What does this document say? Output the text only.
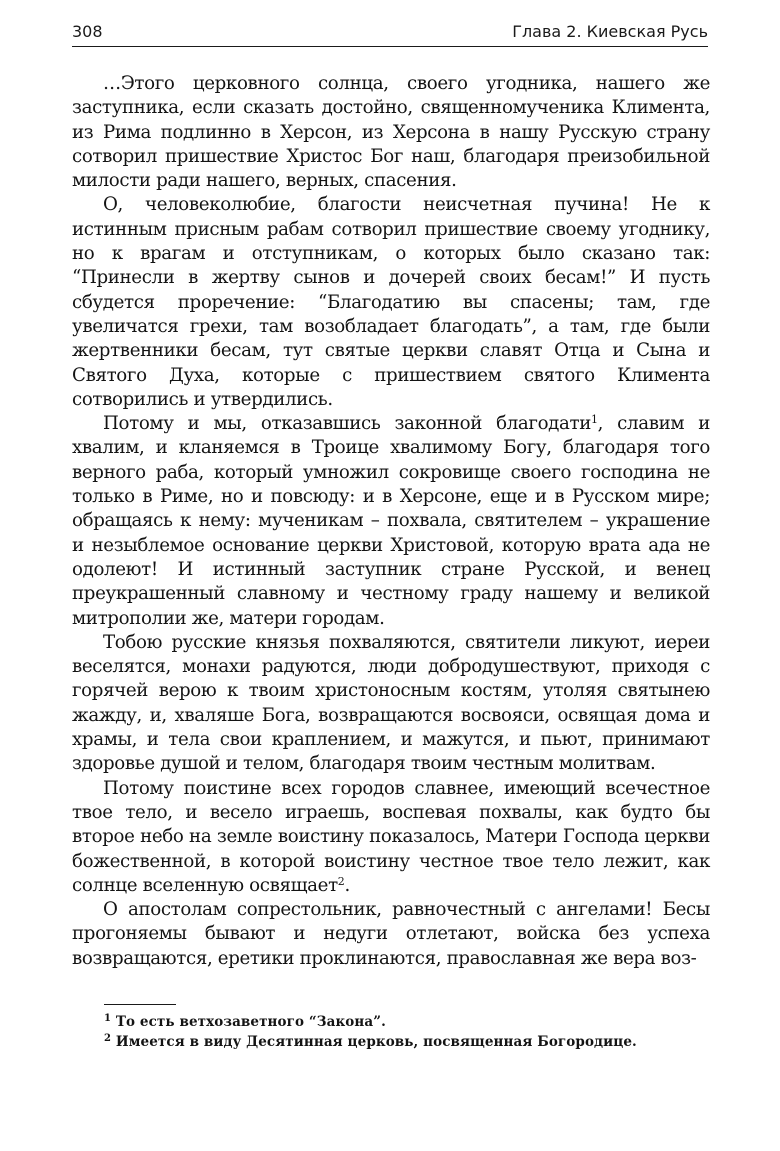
308	Глава 2. Киевская Русь

…Этого церковного солнца, своего угодника, нашего же заступника, если сказать достойно, священномученика Климента, из Рима подлинно в Херсон, из Херсона в нашу Русскую страну сотворил пришествие Христос Бог наш, благодаря преизобильной милости ради нашего, верных, спасения.

О, человеколюбие, благости неисчетная пучина! Не к истинным присным рабам сотворил пришествие своему угоднику, но к врагам и отступникам, о которых было сказано так: “Принесли в жертву сынов и дочерей своих бесам!” И пусть сбудется проречение: “Благодатию вы спасены; там, где увеличатся грехи, там возобладает благодать”, а там, где были жертвенники бесам, тут святые церкви славят Отца и Сына и Святого Духа, которые с пришествием святого Климента сотворились и утвердились.

Потому и мы, отказавшись законной благодати$^1$, славим и хвалим, и кланяемся в Троице хвалимому Богу, благодаря того верного раба, который умножил сокровище своего господина не только в Риме, но и повсюду: и в Херсоне, еще и в Русском мире; обращаясь к нему: мученикам – похвала, святителем – украшение и незыблемое основание церкви Христовой, которую врата ада не одолеют! И истинный заступник стране Русской, и венец преукрашенный славному и честному граду нашему и великой митрополии же, матери городам.

Тобою русские князья похваляются, святители ликуют, иереи веселятся, монахи радуются, люди добродушествуют, приходя с горячей верою к твоим христоносным костям, утоляя святынею жажду, и, хваляше Бога, возвращаются восвояси, освящая дома и храмы, и тела свои краплением, и мажутся, и пьют, принимают здоровье душой и телом, благодаря твоим честным молитвам.

Потому поистине всех городов славнее, имеющий всечестное твое тело, и весело играешь, воспевая похвалы, как будто бы второе небо на земле воистину показалось, Матери Господа церкви божественной, в которой воистину честное твое тело лежит, как солнце вселенную освящает$^2$.

О апостолам сопрестольник, равночестный с ангелами! Бесы прогоняемы бывают и недуги отлетают, войска без успеха возвращаются, еретики проклинаются, православная же вера воз-

$^1$ То есть ветхозаветного “Закона”.

$^2$ Имеется в виду Десятинная церковь, посвященная Богородице.
